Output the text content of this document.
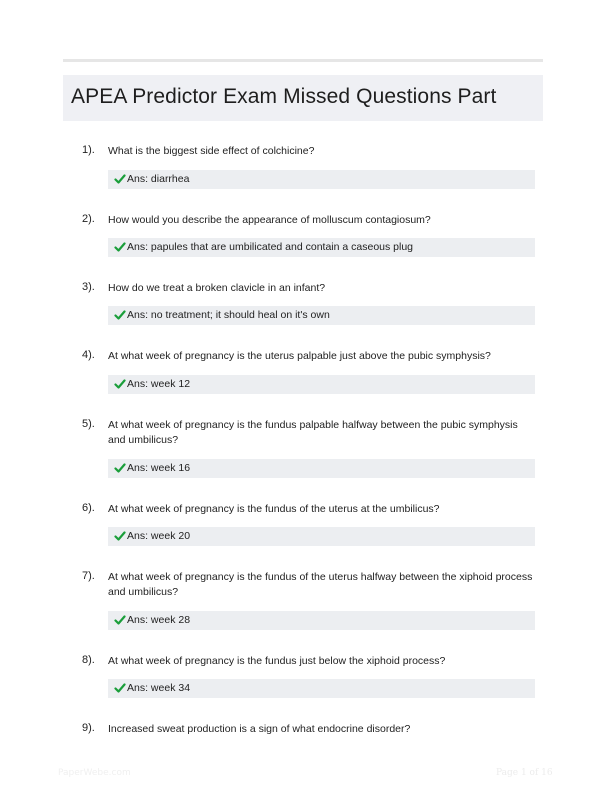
APEA Predictor Exam Missed Questions Part
1). What is the biggest side effect of colchicine?
Ans: diarrhea
2). How would you describe the appearance of molluscum contagiosum?
Ans: papules that are umbilicated and contain a caseous plug
3). How do we treat a broken clavicle in an infant?
Ans: no treatment; it should heal on it's own
4). At what week of pregnancy is the uterus palpable just above the pubic symphysis?
Ans: week 12
5). At what week of pregnancy is the fundus palpable halfway between the pubic symphysis and umbilicus?
Ans: week 16
6). At what week of pregnancy is the fundus of the uterus at the umbilicus?
Ans: week 20
7). At what week of pregnancy is the fundus of the uterus halfway between the xiphoid process and umbilicus?
Ans: week 28
8). At what week of pregnancy is the fundus just below the xiphoid process?
Ans: week 34
9). Increased sweat production is a sign of what endocrine disorder?
PaperWebe.com	Page 1 of 16
